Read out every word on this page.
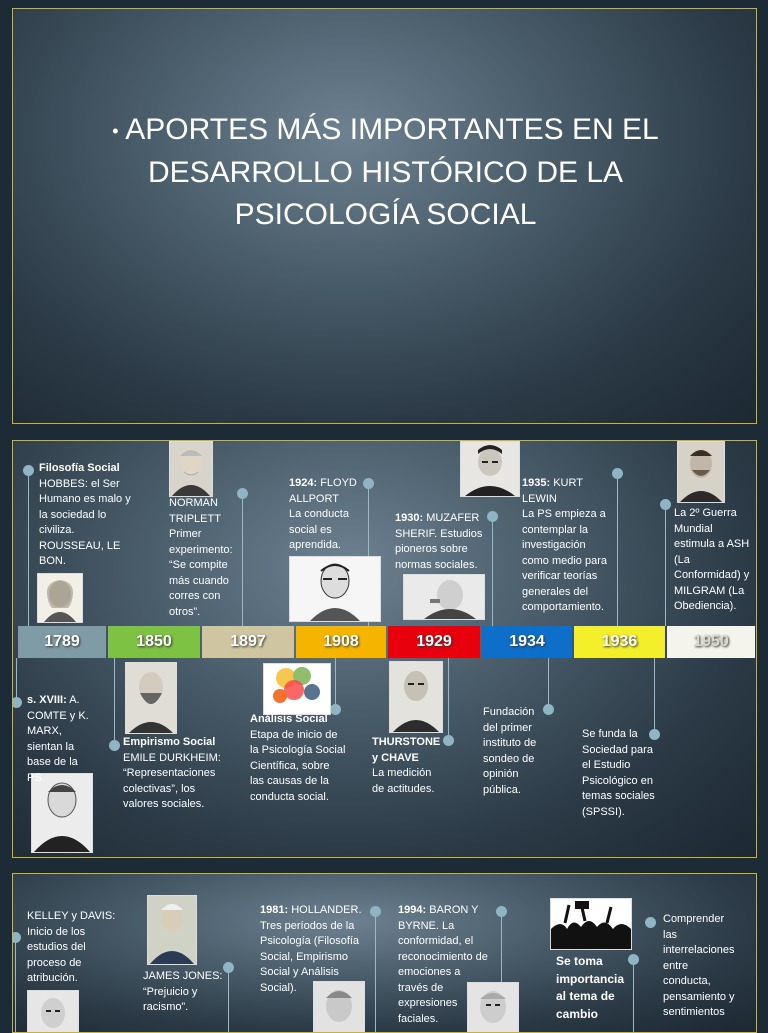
• APORTES MÁS IMPORTANTES EN EL DESARROLLO HISTÓRICO DE LA PSICOLOGÍA SOCIAL
1789	1850	1897	1908	1929	1934	1936	1950
Filosofía Social
HOBBES: el Ser
Humano es malo y
la sociedad lo
civilizа.
ROUSSEAU, LE
BON.
NORMAN
TRIPLETT
Primer
experimento:
“Se compite
más cuando
corres con
otros”.
1924: FLOYD
ALLPORT
La conducta
social es
aprendida.
1930: MUZAFER
SHERIF. Estudios
pioneros sobre
normas sociales.
1935: KURT
LEWIN
La PS empieza a
contemplar la
investigación
como medio para
verificar teorías
generales del
comportamiento.
La 2º Guerra
Mundial
estimula a ASH
(La
Conformidad) y
MILGRAM (La
Obediencia).
s. XVIII: A.
COMTE y K.
MARX,
sientan la
base de la
PS.
Empirismo Social
EMILE DURKHEIM:
“Representaciones
colectivas”, los
valores sociales.
Análisis Social
Etapa de inicio de
la Psicología Social
Científica, sobre
las causas de la
conducta social.
THURSTONE
y CHAVE
La medición
de actitudes.
Fundación
del primer
instituto de
sondeo de
opinión
pública.
Se funda la
Sociedad para
el Estudio
Psicológico en
temas sociales
(SPSSI).
KELLEY y DAVIS:
Inicio de los
estudios del
proceso de
atribución.	JAMES JONES:
“Prejuicio y
racismo”.
1981: HOLLANDER.
Tres períodos de la
Psicología (Filosofía
Social, Empirismo
Social y Análisis
Social).
1994: BARON Y
BYRNE. La
conformidad, el
reconocimiento de
emociones a
través de
expresiones
faciales.
Se toma
importancia
al tema de
cambio
Comprender
las
interrelaciones
entre
conducta,
pensamiento y
sentimientos
